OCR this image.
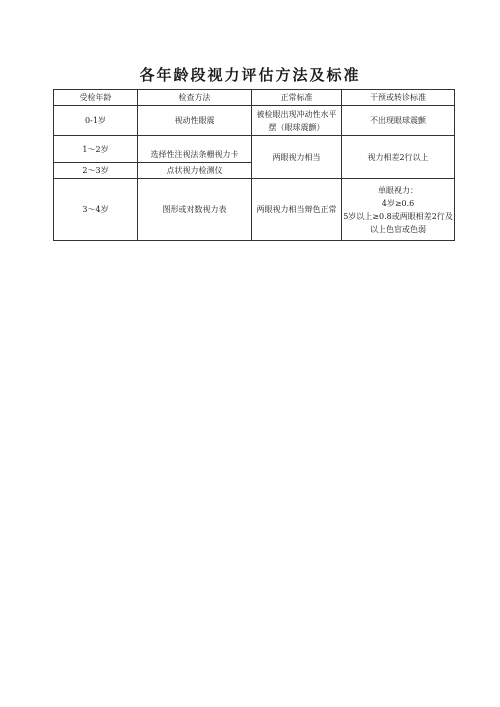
各年龄段视力评估方法及标准
受检年龄	检查方法	正常标准	干预或转诊标准
0-1岁	视动性眼震	被检眼出现冲动性水平摆（眼球震颤）	不出现眼球震颤
1～2岁	选择性注视法条栅视力卡	两眼视力相当	视力相差2行以上
2～3岁	点状视力检测仪		
3～4岁	图形或对数视力表	两眼视力相当辩色正常	单眼视力：
4岁≥0.6
5岁以上≥0.8或两眼相差2行及以上色盲或色弱
